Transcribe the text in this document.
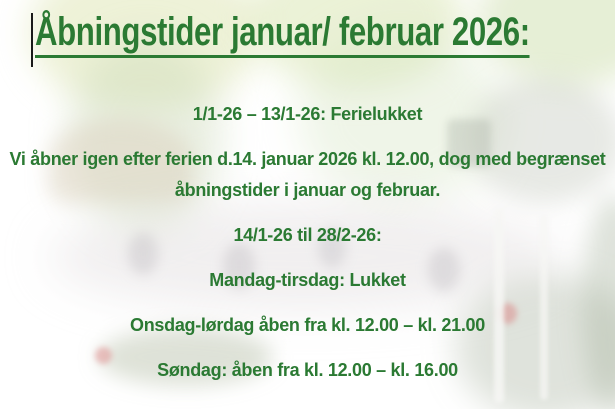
Åbningstider januar/ februar 2026:

1/1-26 – 13/1-26: Ferielukket

Vi åbner igen efter ferien d.14. januar 2026 kl. 12.00, dog med begrænset åbningstider i januar og februar.

14/1-26 til 28/2-26:

Mandag-tirsdag: Lukket

Onsdag-lørdag åben fra kl. 12.00 – kl. 21.00

Søndag: åben fra kl. 12.00 – kl. 16.00
